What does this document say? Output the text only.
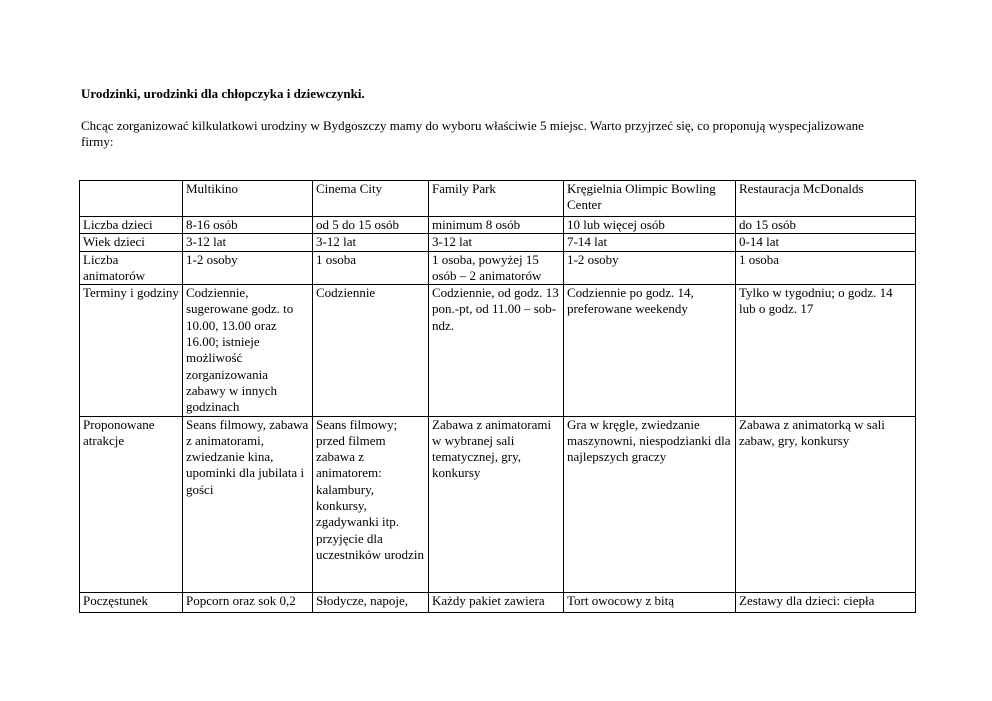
Urodzinki, urodzinki dla chłopczyka i dziewczynki.

Chcąc zorganizować kilkulatkowi urodziny w Bydgoszczy mamy do wyboru właściwie 5 miejsc. Warto przyjrzeć się, co proponują wyspecjalizowane firmy:

	Multikino	Cinema City	Family Park	Kręgielnia Olimpic Bowling Center	Restauracja McDonalds
Liczba dzieci	8-16 osób	od 5 do 15 osób	minimum 8 osób	10 lub więcej osób	do 15 osób
Wiek dzieci	3-12 lat	3-12 lat	3-12 lat	7-14 lat	0-14 lat
Liczba animatorów	1-2 osoby	1 osoba	1 osoba, powyżej 15 osób – 2 animatorów	1-2 osoby	1 osoba
Terminy i godziny	Codziennie, sugerowane godz. to 10.00, 13.00 oraz 16.00; istnieje możliwość zorganizowania zabawy w innych godzinach	Codziennie	Codziennie, od godz. 13 pon.-pt, od 11.00 – sob-ndz.	Codziennie po godz. 14, preferowane weekendy	Tylko w tygodniu; o godz. 14 lub o godz. 17
Proponowane atrakcje	Seans filmowy, zabawa z animatorami, zwiedzanie kina, upominki dla jubilata i gości	Seans filmowy; przed filmem zabawa z animatorem: kalambury, konkursy, zgadywanki itp. przyjęcie dla uczestników urodzin	Zabawa z animatorami w wybranej sali tematycznej, gry, konkursy	Gra w kręgle, zwiedzanie maszynowni, niespodzianki dla najlepszych graczy	Zabawa z animatorką w sali zabaw, gry, konkursy
Poczęstunek	Popcorn oraz sok 0,2	Słodycze, napoje,	Każdy pakiet zawiera	Tort owocowy z bitą	Zestawy dla dzieci: ciepła
